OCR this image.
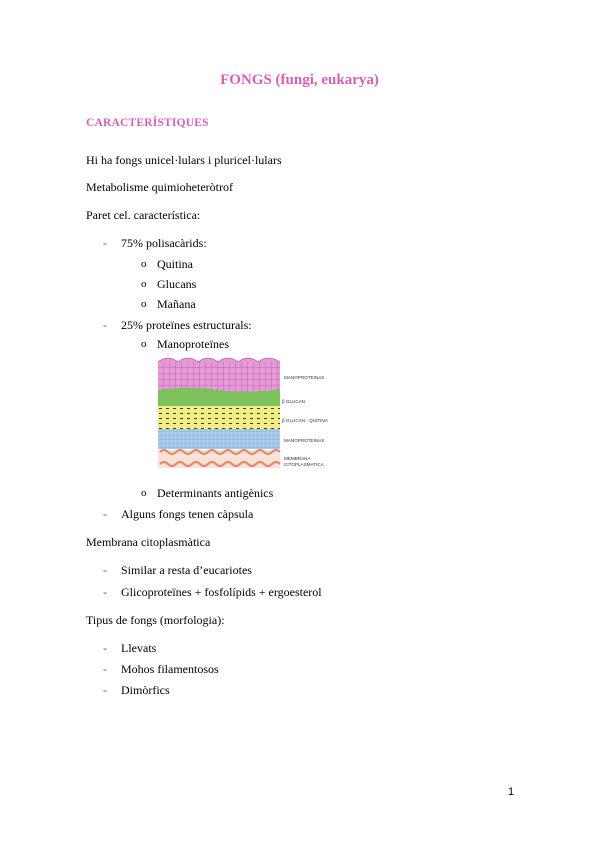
FONGS (fungi, eukarya)
CARACTERÍSTIQUES
Hi ha fongs unicel·lulars i pluricel·lulars
Metabolisme quimioheteròtrof
Paret cel. característica:
- 75% polisacàrids:
o Quitina
o Glucans
o Mañana
- 25% proteïnes estructurals:
o Manoproteïnes
MANOPROTEINAS
β GLUCAN
β GLUCAN - QUITINA
MANOPROTEINAS
MEMBRANA
CITOPLASMATICA
o Determinants antigènics
- Alguns fongs tenen càpsula
Membrana citoplasmàtica
- Similar a resta d’eucariotes
- Glicoproteïnes + fosfolípids + ergoesterol
Tipus de fongs (morfologia):
- Llevats
- Mohos filamentosos
- Dimòrfics
1
